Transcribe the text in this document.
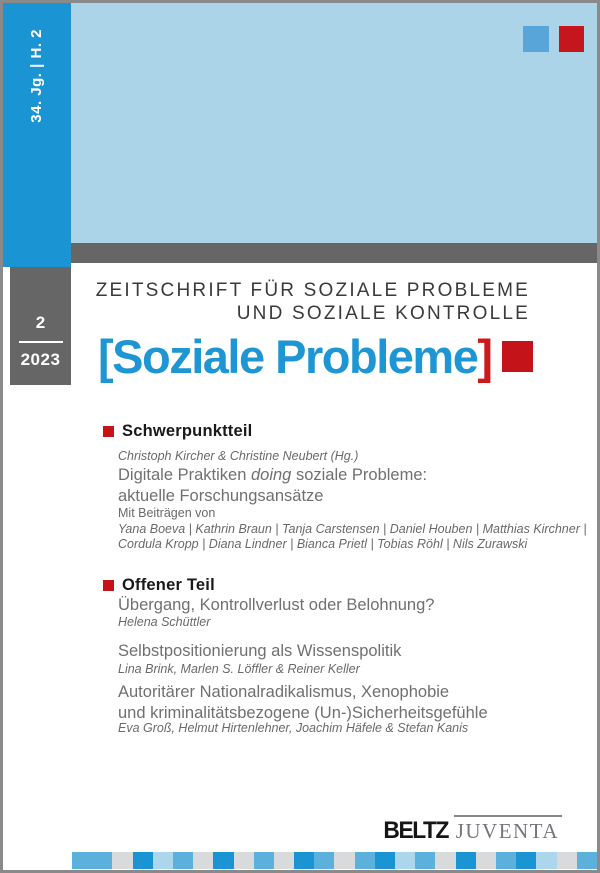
34. Jg. | H. 2
2
2023
ZEITSCHRIFT FÜR SOZIALE PROBLEME
UND SOZIALE KONTROLLE
[Soziale Probleme]
Schwerpunktteil
Christoph Kircher & Christine Neubert (Hg.)
Digitale Praktiken doing soziale Probleme:
aktuelle Forschungsansätze
Mit Beiträgen von
Yana Boeva | Kathrin Braun | Tanja Carstensen | Daniel Houben | Matthias Kirchner |
Cordula Kropp | Diana Lindner | Bianca Prietl | Tobias Röhl | Nils Zurawski
Offener Teil
Übergang, Kontrollverlust oder Belohnung?
Helena Schüttler
Selbstpositionierung als Wissenspolitik
Lina Brink, Marlen S. Löffler & Reiner Keller
Autoritärer Nationalradikalismus, Xenophobie
und kriminalitätsbezogene (Un-)Sicherheitsgefühle
Eva Groß, Helmut Hirtenlehner, Joachim Häfele & Stefan Kanis
BELTZ JUVENTA
